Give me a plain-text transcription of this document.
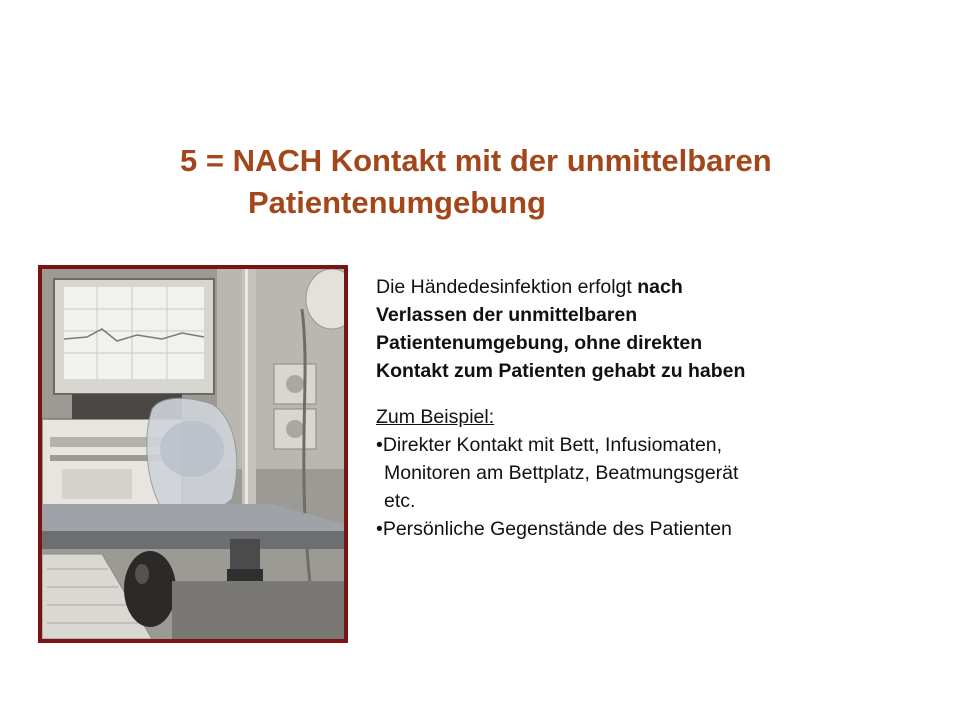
5 = NACH Kontakt mit der unmittelbaren
Patientenumgebung
Die Händedesinfektion erfolgt nach
Verlassen der unmittelbaren
Patientenumgebung, ohne direkten
Kontakt zum Patienten gehabt zu haben
Zum Beispiel:
•Direkter Kontakt mit Bett, Infusiomaten,
Monitoren am Bettplatz, Beatmungsgerät
etc.
•Persönliche Gegenstände des Patienten
